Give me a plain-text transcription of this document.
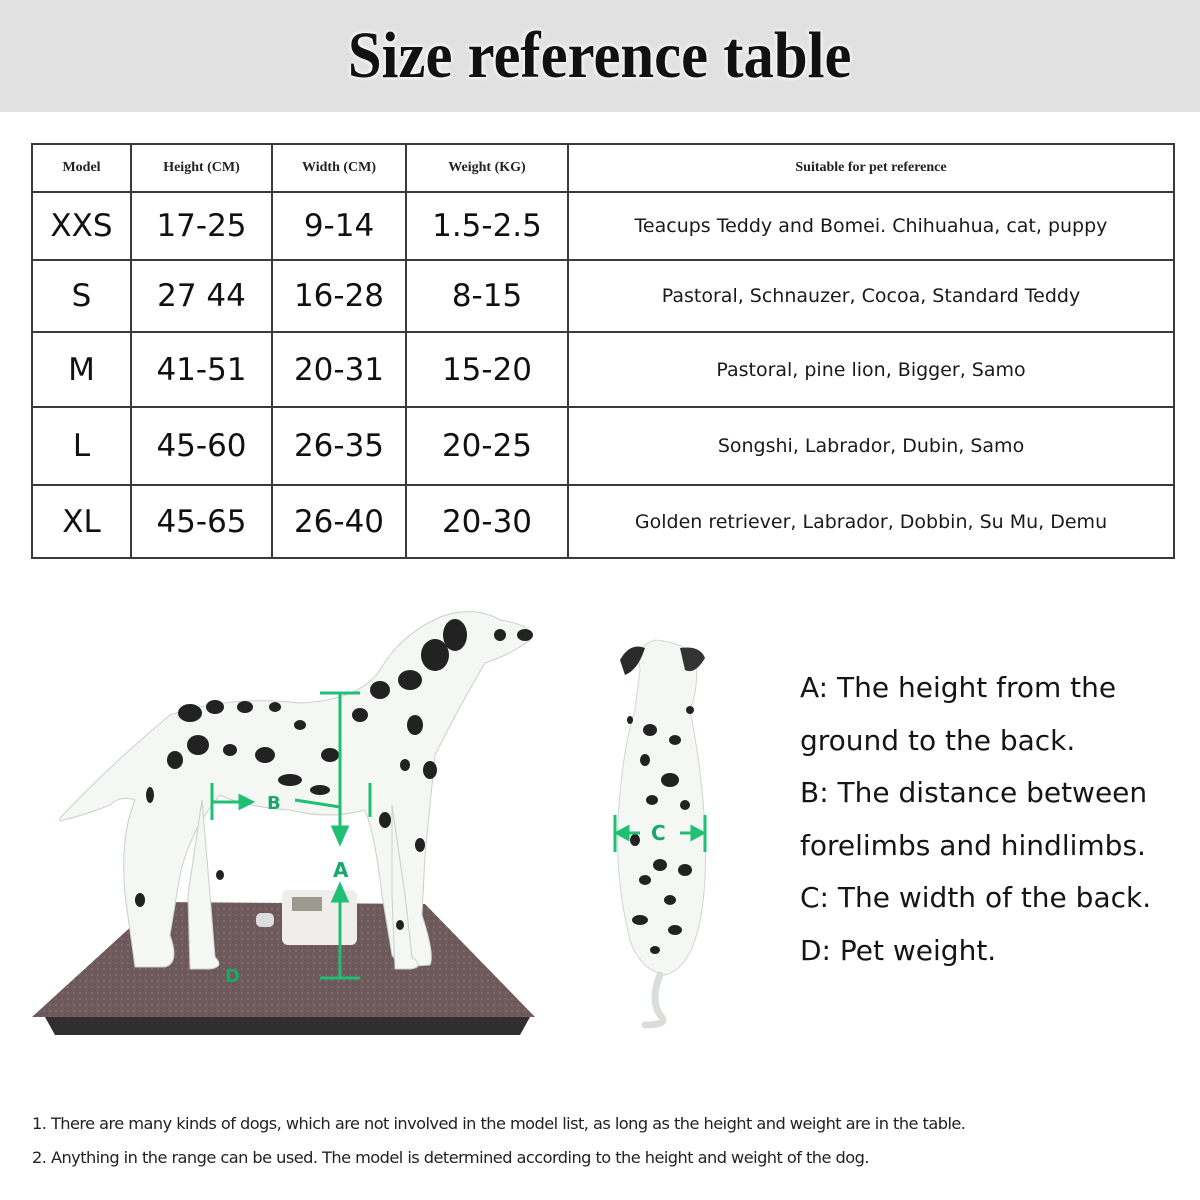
Size reference table
Model	Height (CM)	Width (CM)	Weight (KG)	Suitable for pet reference
XXS	17-25	9-14	1.5-2.5	Teacups Teddy and Bomei. Chihuahua, cat, puppy
S	27 44	16-28	8-15	Pastoral, Schnauzer, Cocoa, Standard Teddy
M	41-51	20-31	15-20	Pastoral, pine lion, Bigger, Samo
L	45-60	26-35	20-25	Songshi, Labrador, Dubin, Samo
XL	45-65	26-40	20-30	Golden retriever, Labrador, Dobbin, Su Mu, Demu
A
B
D
C
A: The height from the
ground to the back.
B: The distance between
forelimbs and hindlimbs.
C: The width of the back.
D: Pet weight.
1. There are many kinds of dogs, which are not involved in the model list, as long as the height and weight are in the table.
2. Anything in the range can be used. The model is determined according to the height and weight of the dog.
